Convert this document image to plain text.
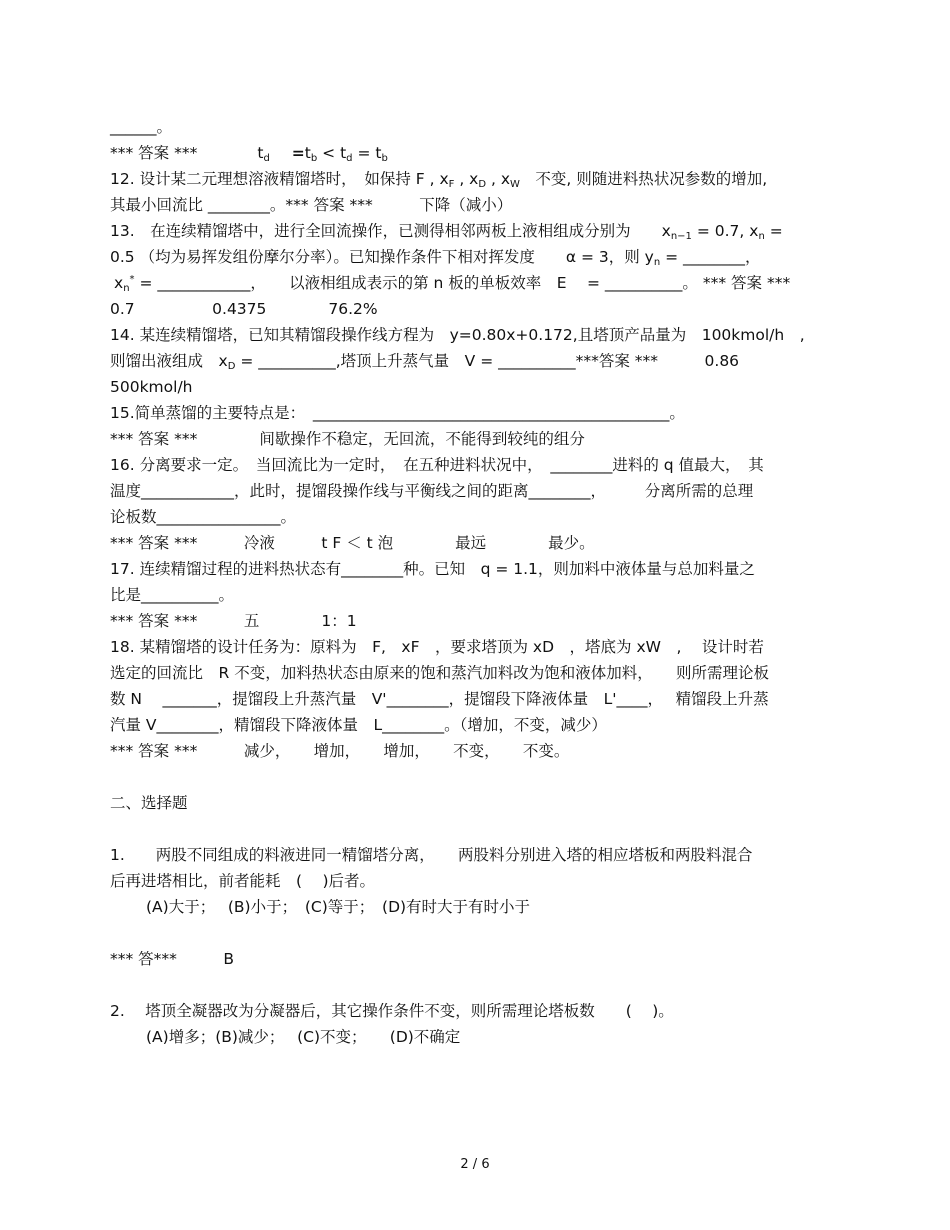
______。
*** 答案 ***	$t_d =t_b < t_d = t_b$
12. 设计某二元理想溶液精馏塔时，　如保持 F , $x_F$ , $x_D$ , $x_W$　不变, 则随进料热状况参数的增加,
其最小回流比 ________。*** 答案 ***　　　下降（减小）
13.　在连续精馏塔中，进行全回流操作，已测得相邻两板上液相组成分别为　　$x_{n-1} = 0.7$, $x_n$ =
0.5 （均为易挥发组份摩尔分率）。已知操作条件下相对挥发度　　α = 3，则 $y_n$ = ________，
$x_n^*$ = ____________，　　以液相组成表示的第 n 板的单板效率　E　 = __________。 *** 答案 ***
0.7　　　　　0.4375　　　　76.2%
14. 某连续精馏塔，已知其精馏段操作线方程为　y=0.80x+0.172,且塔顶产品量为　100kmol/h　,
则馏出液组成　$x_D$ = __________,塔顶上升蒸气量　V = __________***答案 ***　　　0.86
500kmol/h
15.简单蒸馏的主要特点是：　______________________________________________。
*** 答案 ***　　　　间歇操作不稳定，无回流，不能得到较纯的组分
16. 分离要求一定。　当回流比为一定时，　在五种进料状况中，　________进料的 q 值最大，　其
温度____________，此时，提馏段操作线与平衡线之间的距离________，　　　分离所需的总理
论板数________________。
*** 答案 ***　　　冷液　　　t F ＜ t 泡　　　　最远　　　　最少。
17. 连续精馏过程的进料热状态有________种。已知　q = 1.1，则加料中液体量与总加料量之
比是__________。
*** 答案 ***　　　五　　　　1：1
18. 某精馏塔的设计任务为：原料为　F,　xF　，要求塔顶为 xD　，塔底为 xW　,　 设计时若
选定的回流比　R 不变，加料热状态由原来的饱和蒸汽加料改为饱和液体加料，　　则所需理论板
数 N　 _______，提馏段上升蒸汽量　V'________，提馏段下降液体量　L'____，　 精馏段上升蒸
汽量 V________，精馏段下降液体量　L________。（增加，不变，减少）
*** 答案 ***　　　减少，　　增加，　　增加，　　不变，　　不变。
二、选择题
1.　　两股不同组成的料液进同一精馏塔分离，　　两股料分别进入塔的相应塔板和两股料混合
后再进塔相比，前者能耗　(　 )后者。
(A)大于；　 (B)小于；　(C)等于；　(D)有时大于有时小于
*** 答***　　　B
2.　 塔顶全凝器改为分凝器后，其它操作条件不变，则所需理论塔板数　　(　 )。
(A)增多；(B)减少；　 (C)不变；　　(D)不确定
2 / 6
